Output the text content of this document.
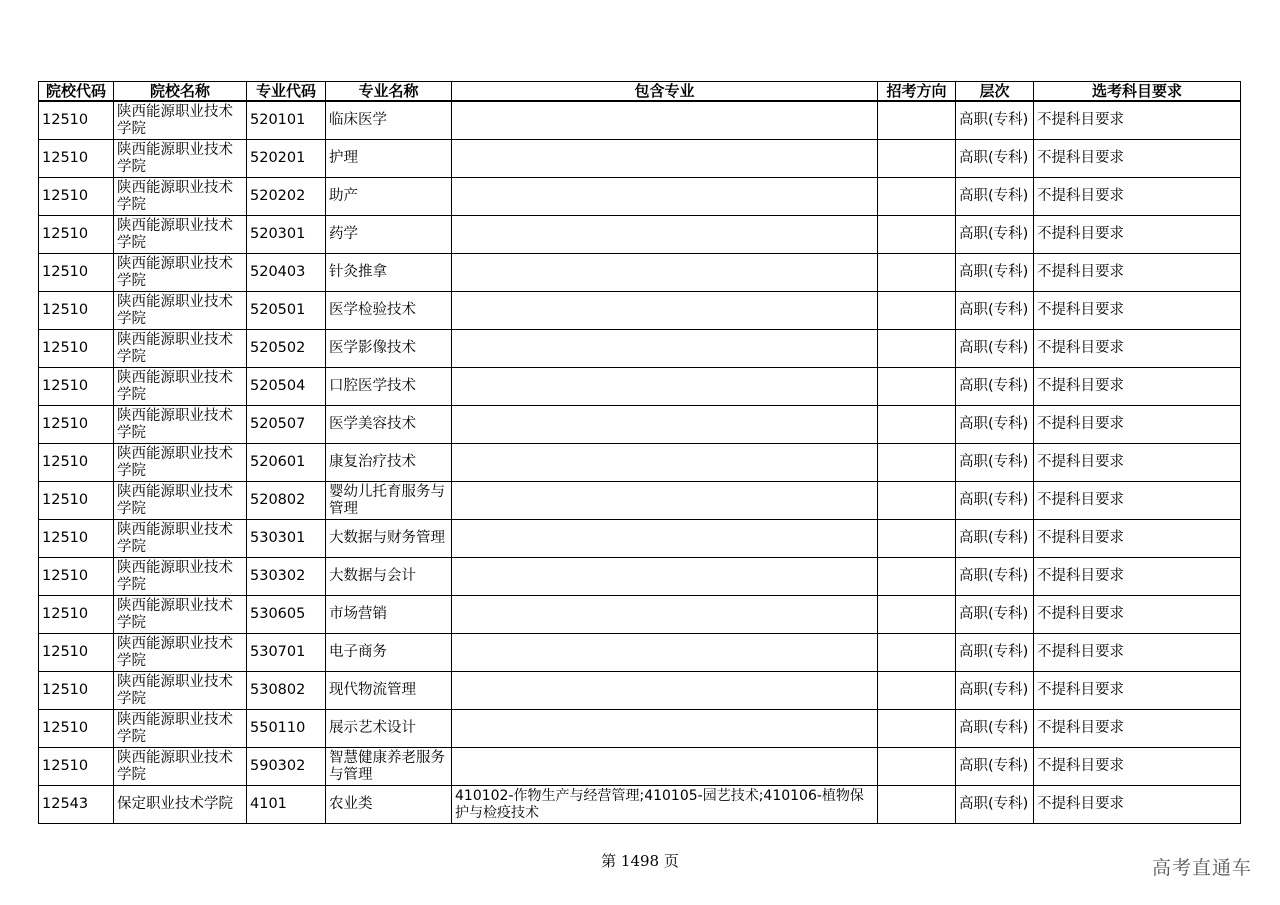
院校代码	院校名称	专业代码	专业名称	包含专业	招考方向	层次	选考科目要求
12510	陕西能源职业技术学院	520101	临床医学			高职(专科)	不提科目要求
12510	陕西能源职业技术学院	520201	护理			高职(专科)	不提科目要求
12510	陕西能源职业技术学院	520202	助产			高职(专科)	不提科目要求
12510	陕西能源职业技术学院	520301	药学			高职(专科)	不提科目要求
12510	陕西能源职业技术学院	520403	针灸推拿			高职(专科)	不提科目要求
12510	陕西能源职业技术学院	520501	医学检验技术			高职(专科)	不提科目要求
12510	陕西能源职业技术学院	520502	医学影像技术			高职(专科)	不提科目要求
12510	陕西能源职业技术学院	520504	口腔医学技术			高职(专科)	不提科目要求
12510	陕西能源职业技术学院	520507	医学美容技术			高职(专科)	不提科目要求
12510	陕西能源职业技术学院	520601	康复治疗技术			高职(专科)	不提科目要求
12510	陕西能源职业技术学院	520802	婴幼儿托育服务与管理			高职(专科)	不提科目要求
12510	陕西能源职业技术学院	530301	大数据与财务管理			高职(专科)	不提科目要求
12510	陕西能源职业技术学院	530302	大数据与会计			高职(专科)	不提科目要求
12510	陕西能源职业技术学院	530605	市场营销			高职(专科)	不提科目要求
12510	陕西能源职业技术学院	530701	电子商务			高职(专科)	不提科目要求
12510	陕西能源职业技术学院	530802	现代物流管理			高职(专科)	不提科目要求
12510	陕西能源职业技术学院	550110	展示艺术设计			高职(专科)	不提科目要求
12510	陕西能源职业技术学院	590302	智慧健康养老服务与管理			高职(专科)	不提科目要求
12543	保定职业技术学院	4101	农业类	410102-作物生产与经营管理;410105-园艺技术;410106-植物保护与检疫技术		高职(专科)	不提科目要求
第 1498 页	高考直通车
